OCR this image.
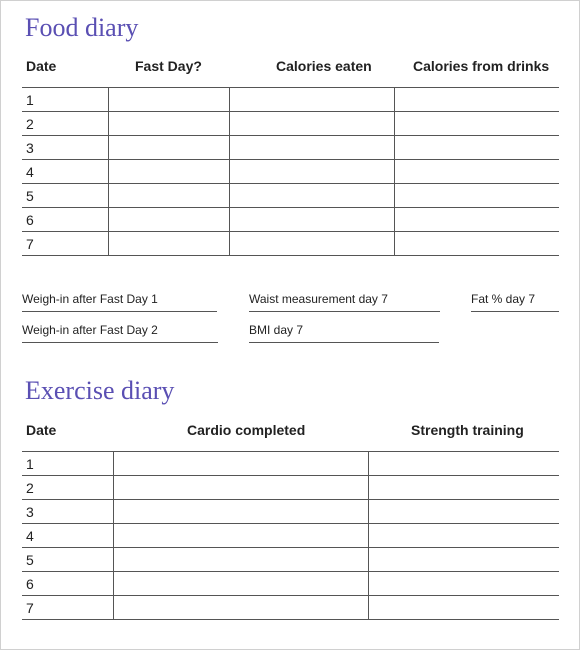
Food diary
Date	Fast Day?	Calories eaten	Calories from drinks
1			
2			
3			
4			
5			
6			
7			
Weigh-in after Fast Day 1	Waist measurement day 7	Fat % day 7
Weigh-in after Fast Day 2	BMI day 7
Exercise diary
Date	Cardio completed	Strength training
1		
2		
3		
4		
5		
6		
7		
